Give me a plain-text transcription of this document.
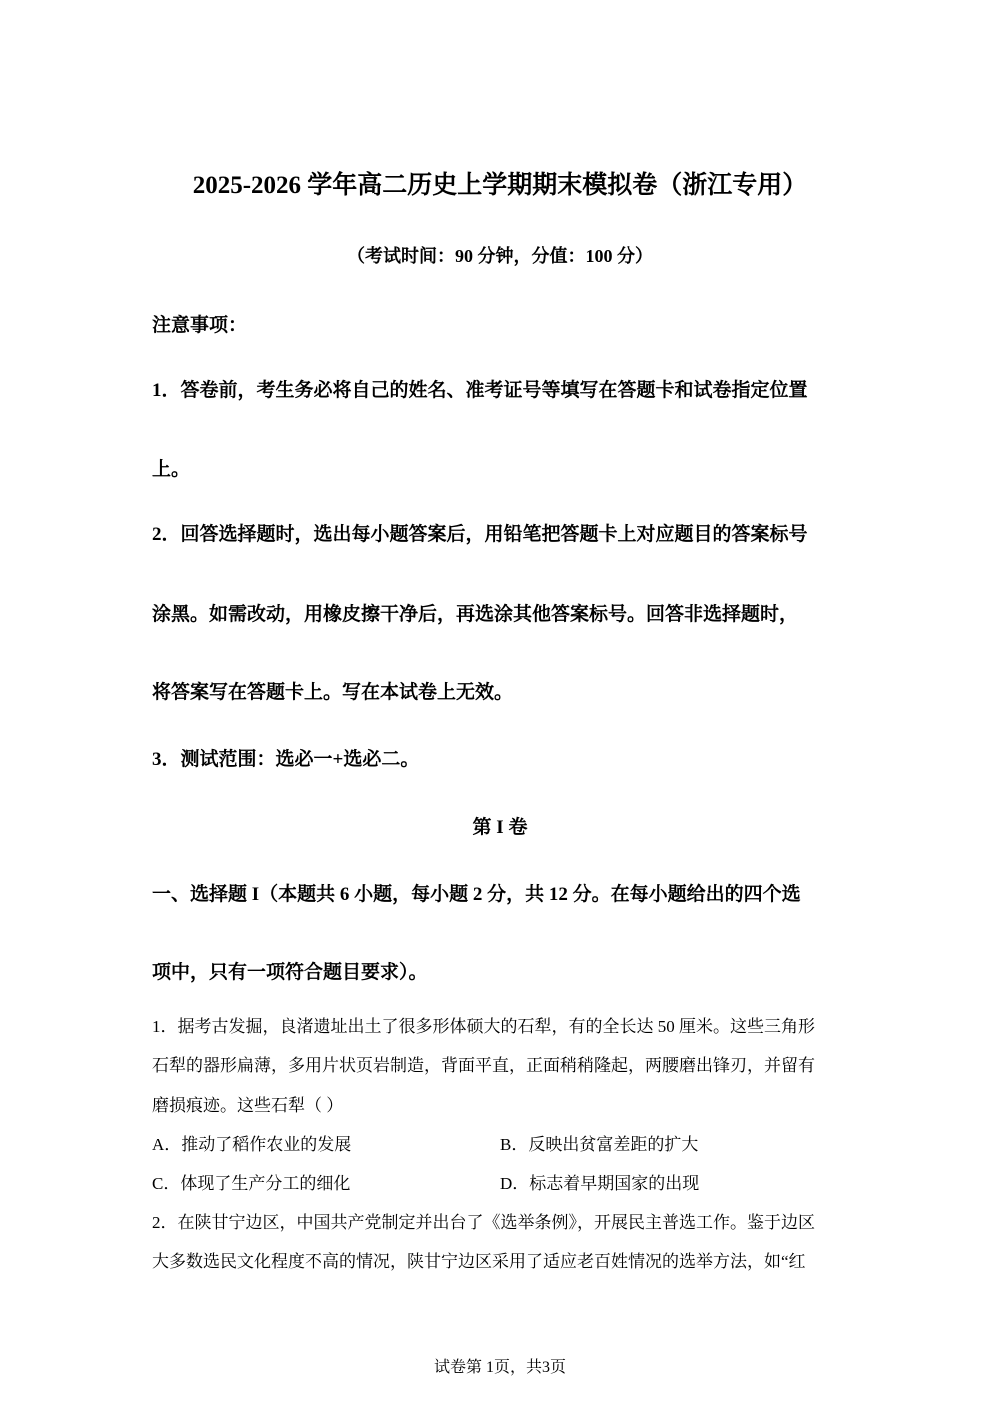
2025-2026 学年高二历史上学期期末模拟卷（浙江专用）
（考试时间：90 分钟，分值：100 分）
注意事项：
1．答卷前，考生务必将自己的姓名、准考证号等填写在答题卡和试卷指定位置
上。
2．回答选择题时，选出每小题答案后，用铅笔把答题卡上对应题目的答案标号
涂黑。如需改动，用橡皮擦干净后，再选涂其他答案标号。回答非选择题时，
将答案写在答题卡上。写在本试卷上无效。
3．测试范围：选必一+选必二。
第 I 卷
一、选择题 I（本题共 6 小题，每小题 2 分，共 12 分。在每小题给出的四个选
项中，只有一项符合题目要求）。
1．据考古发掘，良渚遗址出土了很多形体硕大的石犁，有的全长达 50 厘米。这些三角形
石犁的器形扁薄，多用片状页岩制造，背面平直，正面稍稍隆起，两腰磨出锋刃，并留有
磨损痕迹。这些石犁（ ）
A．推动了稻作农业的发展	B．反映出贫富差距的扩大
C．体现了生产分工的细化	D．标志着早期国家的出现
2．在陕甘宁边区，中国共产党制定并出台了《选举条例》，开展民主普选工作。鉴于边区
大多数选民文化程度不高的情况，陕甘宁边区采用了适应老百姓情况的选举方法，如“红
试卷第 1页，共3页
